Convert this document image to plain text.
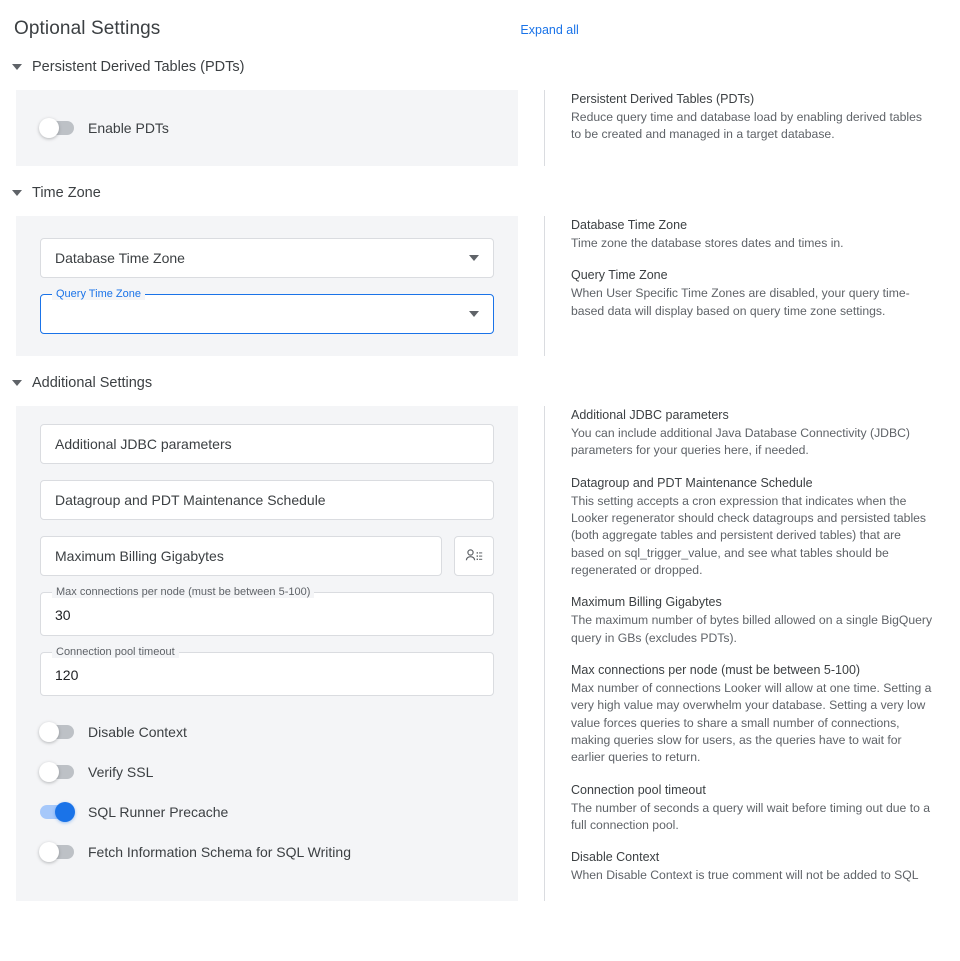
Optional Settings	Expand all
Persistent Derived Tables (PDTs)
Enable PDTs
Persistent Derived Tables (PDTs)
Reduce query time and database load by enabling derived tables to be created and managed in a target database.
Time Zone
Database Time Zone
Query Time Zone
Database Time Zone
Time zone the database stores dates and times in.
Query Time Zone
When User Specific Time Zones are disabled, your query time-based data will display based on query time zone settings.
Additional Settings
Additional JDBC parameters
Datagroup and PDT Maintenance Schedule
Maximum Billing Gigabytes
Max connections per node (must be between 5-100)
30
Connection pool timeout
120
Disable Context
Verify SSL
SQL Runner Precache
Fetch Information Schema for SQL Writing
Additional JDBC parameters
You can include additional Java Database Connectivity (JDBC) parameters for your queries here, if needed.
Datagroup and PDT Maintenance Schedule
This setting accepts a cron expression that indicates when the Looker regenerator should check datagroups and persisted tables (both aggregate tables and persistent derived tables) that are based on sql_trigger_value, and see what tables should be regenerated or dropped.
Maximum Billing Gigabytes
The maximum number of bytes billed allowed on a single BigQuery query in GBs (excludes PDTs).
Max connections per node (must be between 5-100)
Max number of connections Looker will allow at one time. Setting a very high value may overwhelm your database. Setting a very low value forces queries to share a small number of connections, making queries slow for users, as the queries have to wait for earlier queries to return.
Connection pool timeout
The number of seconds a query will wait before timing out due to a full connection pool.
Disable Context
When Disable Context is true comment will not be added to SQL
